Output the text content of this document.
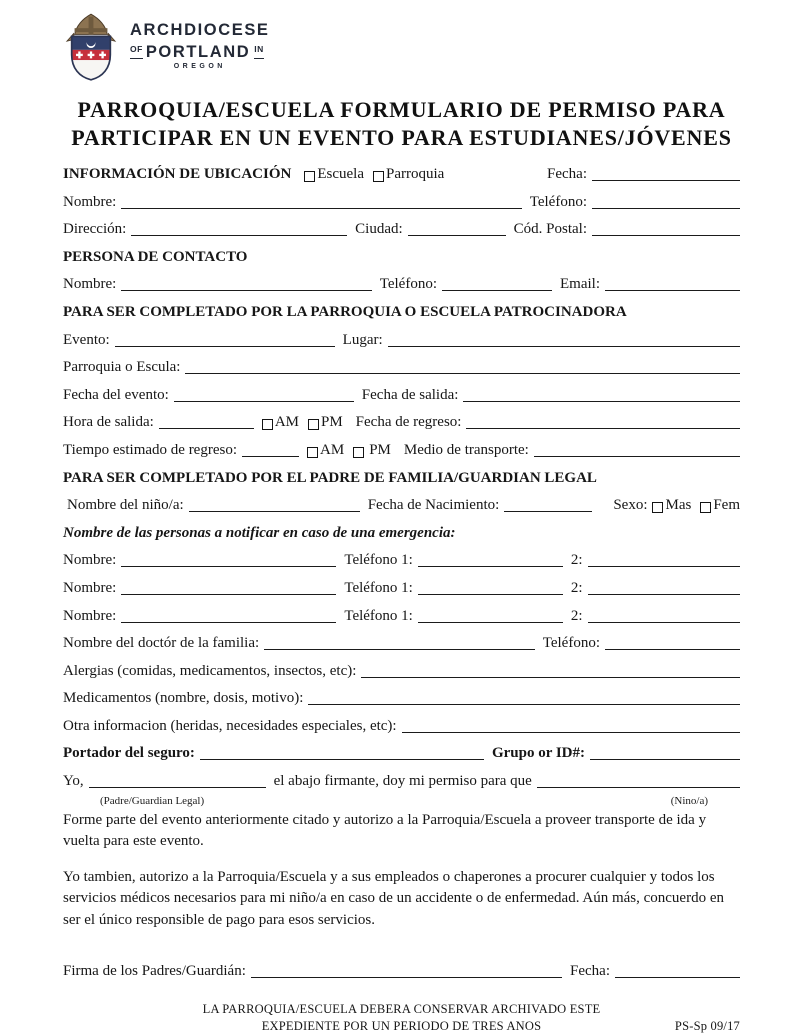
ARCHDIOCESE
OF PORTLAND IN
OREGON
PARROQUIA/ESCUELA FORMULARIO DE PERMISO PARA
PARTICIPAR EN UN EVENTO PARA ESTUDIANES/JÓVENES
INFORMACIÓN DE UBICACIÓN Escuela Parroquia	Fecha:
Nombre:	Teléfono:
Dirección:	Ciudad:	Cód. Postal:
PERSONA DE CONTACTO
Nombre:	Teléfono:	Email:
PARA SER COMPLETADO POR LA PARROQUIA O ESCUELA PATROCINADORA
Evento:	Lugar:
Parroquia o Escula:
Fecha del evento:	Fecha de salida:
Hora de salida:	AM PM Fecha de regreso:
Tiempo estimado de regreso:	AM PM Medio de transporte:
PARA SER COMPLETADO POR EL PADRE DE FAMILIA/GUARDIAN LEGAL
Nombre del niño/a:	Fecha de Nacimiento:	Sexo: Mas Fem
Nombre de las personas a notificar en caso de una emergencia:
Nombre:	Teléfono 1:	2:
Nombre:	Teléfono 1:	2:
Nombre:	Teléfono 1:	2:
Nombre del doctór de la familia:	Teléfono:
Alergias (comidas, medicamentos, insectos, etc):
Medicamentos (nombre, dosis, motivo):
Otra informacion (heridas, necesidades especiales, etc):
Portador del seguro:	Grupo or ID#:
Yo,	el abajo firmante, doy mi permiso para que
(Padre/Guardian Legal)	(Nino/a)

Forme parte del evento anteriormente citado y autorizo a la Parroquia/Escuela a proveer transporte de ida y vuelta para este evento.

Yo tambien, autorizo a la Parroquia/Escuela y a sus empleados o chaperones a procurer cualquier y todos los servicios médicos necesarios para mi niño/a en caso de un accidente o de enfermedad. Aún más, concuerdo en ser el único responsible de pago para esos servicios.

Firma de los Padres/Guardián:	Fecha:
LA PARROQUIA/ESCUELA DEBERA CONSERVAR ARCHIVADO ESTE
EXPEDIENTE POR UN PERIODO DE TRES ANOS	PS-Sp 09/17
